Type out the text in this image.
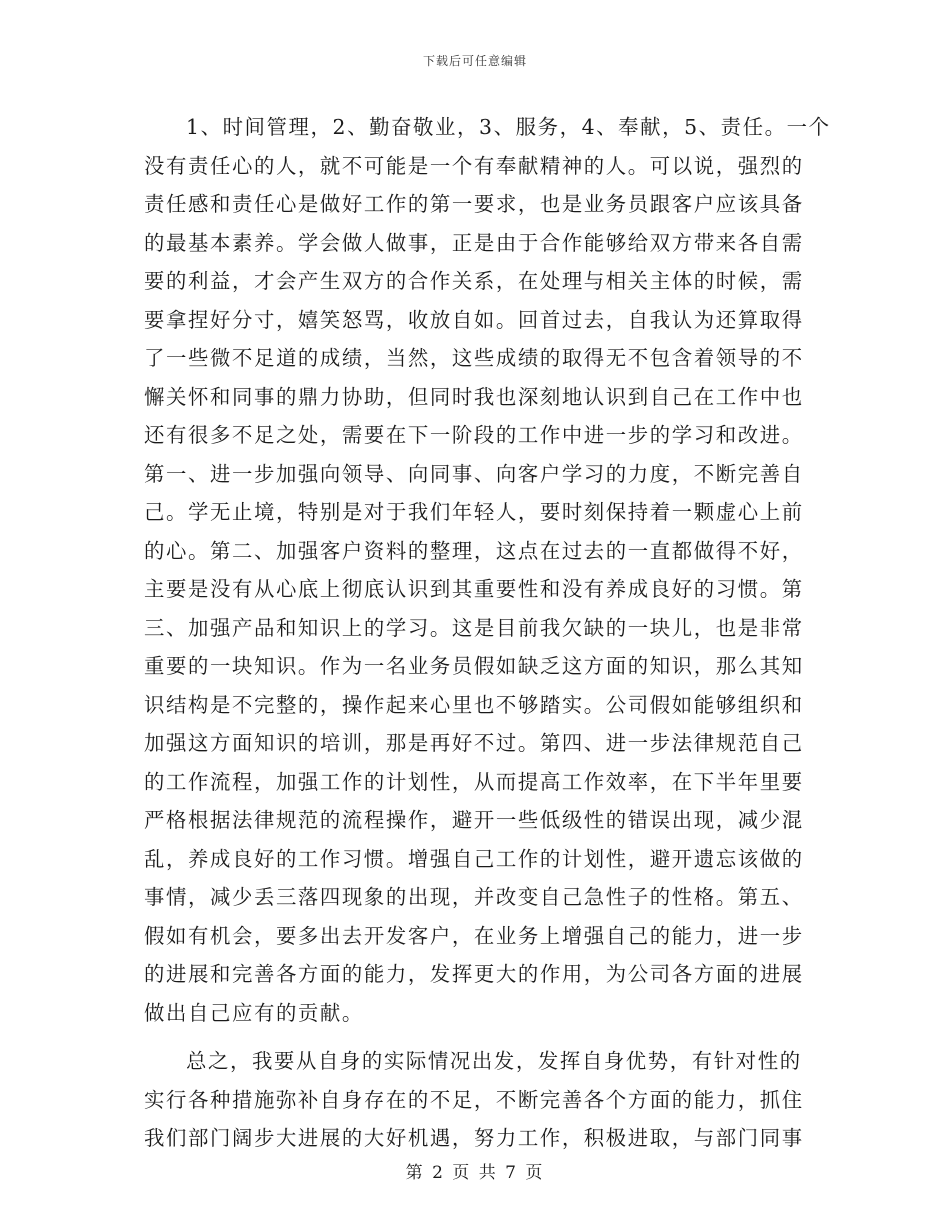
下载后可任意编辑

1、时间管理，2、勤奋敬业，3、服务，4、奉献，5、责任。一个
没有责任心的人，就不可能是一个有奉献精神的人。可以说，强烈的
责任感和责任心是做好工作的第一要求，也是业务员跟客户应该具备
的最基本素养。学会做人做事，正是由于合作能够给双方带来各自需
要的利益，才会产生双方的合作关系，在处理与相关主体的时候，需
要拿捏好分寸，嬉笑怒骂，收放自如。回首过去，自我认为还算取得
了一些微不足道的成绩，当然，这些成绩的取得无不包含着领导的不
懈关怀和同事的鼎力协助，但同时我也深刻地认识到自己在工作中也
还有很多不足之处，需要在下一阶段的工作中进一步的学习和改进。
第一、进一步加强向领导、向同事、向客户学习的力度，不断完善自
己。学无止境，特别是对于我们年轻人，要时刻保持着一颗虚心上前
的心。第二、加强客户资料的整理，这点在过去的一直都做得不好，
主要是没有从心底上彻底认识到其重要性和没有养成良好的习惯。第
三、加强产品和知识上的学习。这是目前我欠缺的一块儿，也是非常
重要的一块知识。作为一名业务员假如缺乏这方面的知识，那么其知
识结构是不完整的，操作起来心里也不够踏实。公司假如能够组织和
加强这方面知识的培训，那是再好不过。第四、进一步法律规范自己
的工作流程，加强工作的计划性，从而提高工作效率，在下半年里要
严格根据法律规范的流程操作，避开一些低级性的错误出现，减少混
乱，养成良好的工作习惯。增强自己工作的计划性，避开遗忘该做的
事情，减少丢三落四现象的出现，并改变自己急性子的性格。第五、
假如有机会，要多出去开发客户，在业务上增强自己的能力，进一步
的进展和完善各方面的能力，发挥更大的作用，为公司各方面的进展
做出自己应有的贡献。

总之，我要从自身的实际情况出发，发挥自身优势，有针对性的
实行各种措施弥补自身存在的不足，不断完善各个方面的能力，抓住
我们部门阔步大进展的大好机遇，努力工作，积极进取，与部门同事

第 2 页 共 7 页
